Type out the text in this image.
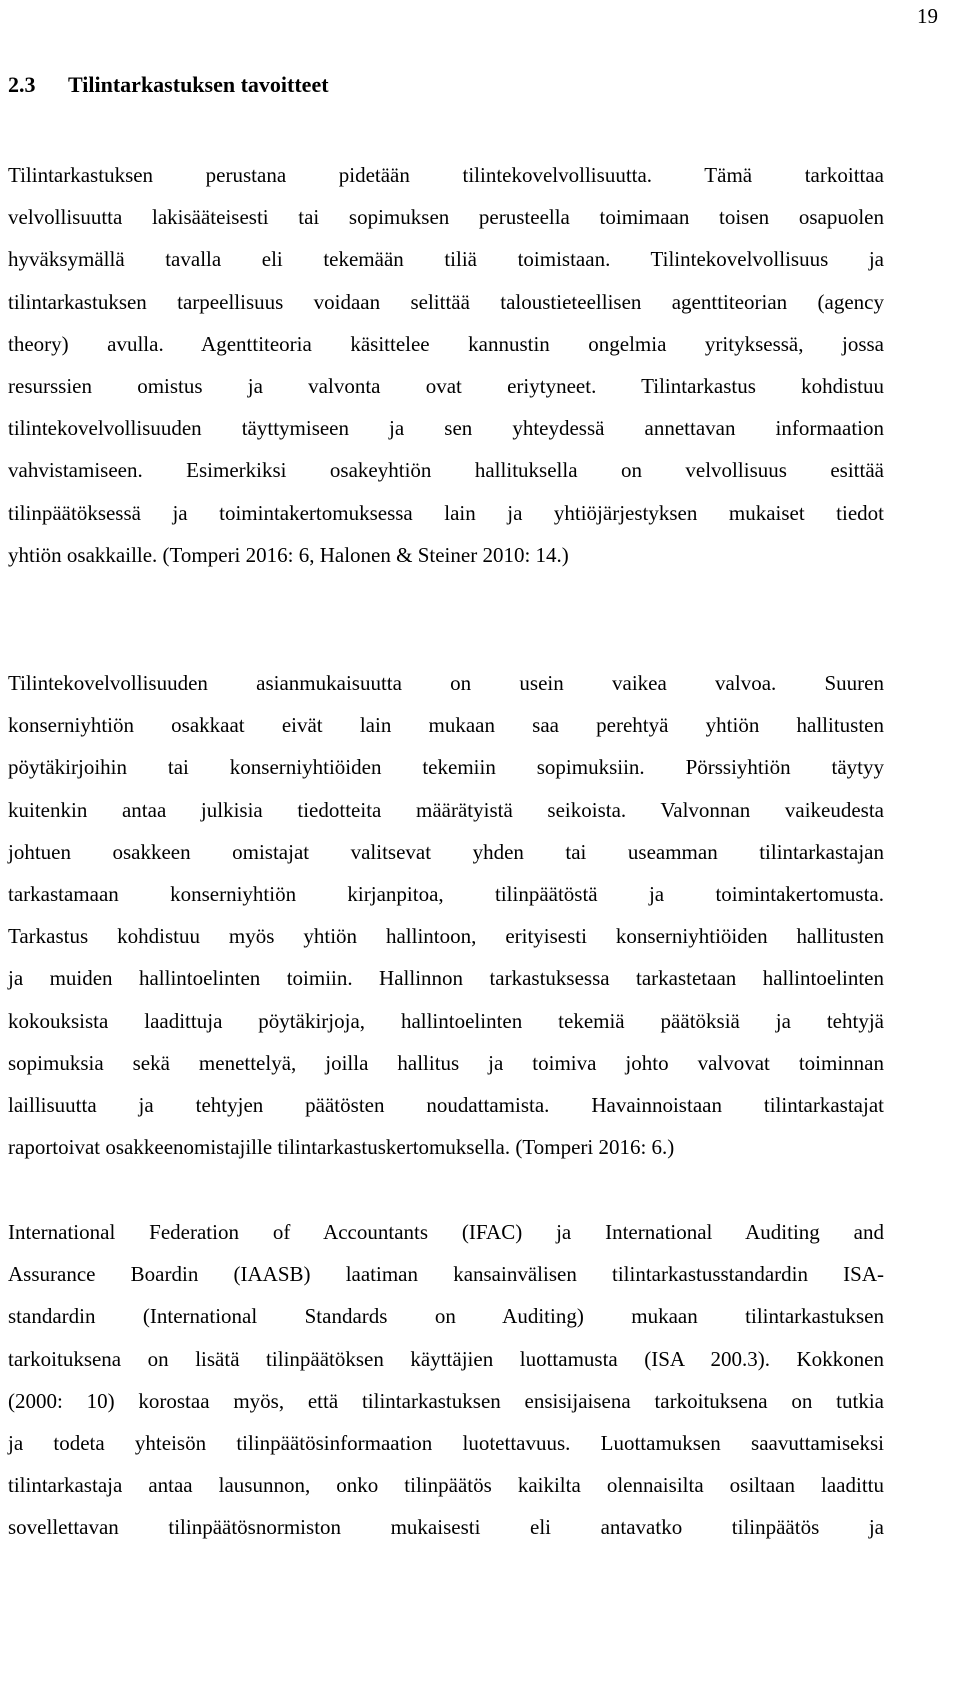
19
2.3 Tilintarkastuksen tavoitteet
Tilintarkastuksen perustana pidetään tilintekovelvollisuutta. Tämä tarkoittaa
velvollisuutta lakisääteisesti tai sopimuksen perusteella toimimaan toisen osapuolen
hyväksymällä tavalla eli tekemään tiliä toimistaan. Tilintekovelvollisuus ja
tilintarkastuksen tarpeellisuus voidaan selittää taloustieteellisen agenttiteorian (agency
theory) avulla. Agenttiteoria käsittelee kannustin ongelmia yrityksessä, jossa
resurssien omistus ja valvonta ovat eriytyneet. Tilintarkastus kohdistuu
tilintekovelvollisuuden täyttymiseen ja sen yhteydessä annettavan informaation
vahvistamiseen. Esimerkiksi osakeyhtiön hallituksella on velvollisuus esittää
tilinpäätöksessä ja toimintakertomuksessa lain ja yhtiöjärjestyksen mukaiset tiedot
yhtiön osakkaille. (Tomperi 2016: 6, Halonen & Steiner 2010: 14.)
Tilintekovelvollisuuden asianmukaisuutta on usein vaikea valvoa. Suuren
konserniyhtiön osakkaat eivät lain mukaan saa perehtyä yhtiön hallitusten
pöytäkirjoihin tai konserniyhtiöiden tekemiin sopimuksiin. Pörssiyhtiön täytyy
kuitenkin antaa julkisia tiedotteita määrätyistä seikoista. Valvonnan vaikeudesta
johtuen osakkeen omistajat valitsevat yhden tai useamman tilintarkastajan
tarkastamaan konserniyhtiön kirjanpitoa, tilinpäätöstä ja toimintakertomusta.
Tarkastus kohdistuu myös yhtiön hallintoon, erityisesti konserniyhtiöiden hallitusten
ja muiden hallintoelinten toimiin. Hallinnon tarkastuksessa tarkastetaan hallintoelinten
kokouksista laadittuja pöytäkirjoja, hallintoelinten tekemiä päätöksiä ja tehtyjä
sopimuksia sekä menettelyä, joilla hallitus ja toimiva johto valvovat toiminnan
laillisuutta ja tehtyjen päätösten noudattamista. Havainnoistaan tilintarkastajat
raportoivat osakkeenomistajille tilintarkastuskertomuksella. (Tomperi 2016: 6.)
International Federation of Accountants (IFAC) ja International Auditing and
Assurance Boardin (IAASB) laatiman kansainvälisen tilintarkastusstandardin ISA-
standardin (International Standards on Auditing) mukaan tilintarkastuksen
tarkoituksena on lisätä tilinpäätöksen käyttäjien luottamusta (ISA 200.3). Kokkonen
(2000: 10) korostaa myös, että tilintarkastuksen ensisijaisena tarkoituksena on tutkia
ja todeta yhteisön tilinpäätösinformaation luotettavuus. Luottamuksen saavuttamiseksi
tilintarkastaja antaa lausunnon, onko tilinpäätös kaikilta olennaisilta osiltaan laadittu
sovellettavan tilinpäätösnormiston mukaisesti eli antavatko tilinpäätös ja
